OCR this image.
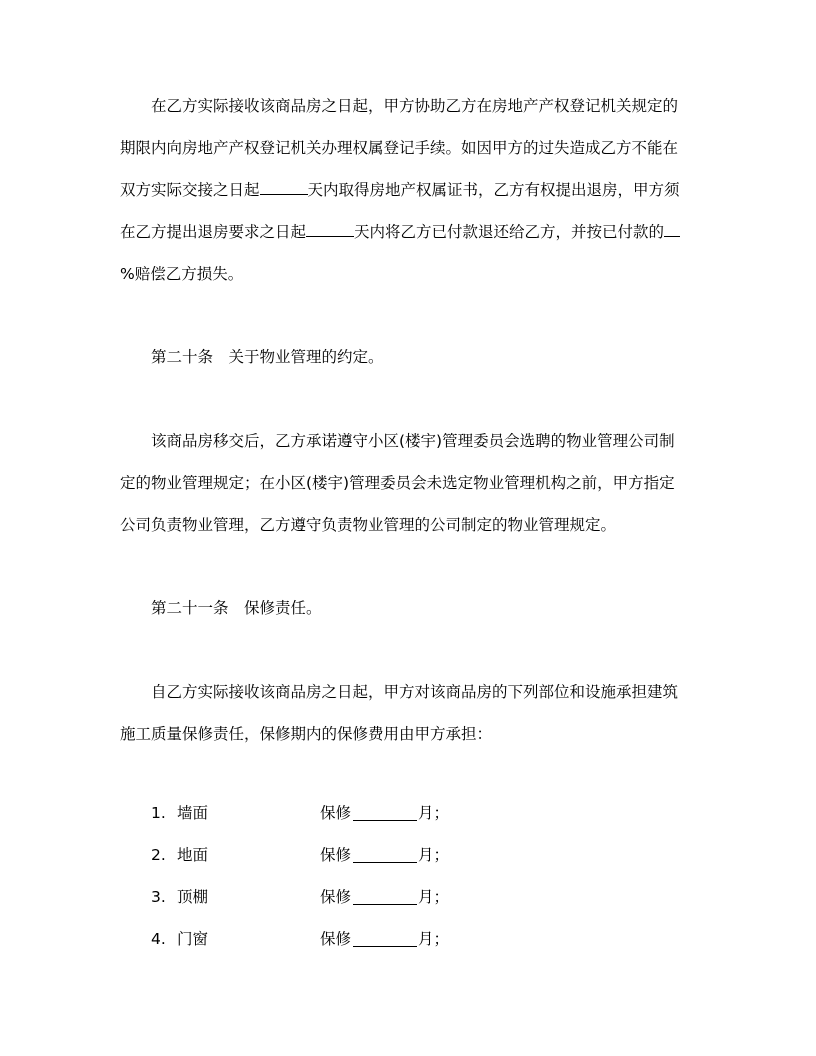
在乙方实际接收该商品房之日起，甲方协助乙方在房地产产权登记机关规定的
期限内向房地产产权登记机关办理权属登记手续。如因甲方的过失造成乙方不能在
双方实际交接之日起	天内取得房地产权属证书，乙方有权提出退房，甲方须
在乙方提出退房要求之日起	天内将乙方已付款退还给乙方，并按已付款的
%赔偿乙方损失。
第二十条　关于物业管理的约定。
该商品房移交后，乙方承诺遵守小区(楼宇)管理委员会选聘的物业管理公司制
定的物业管理规定；在小区(楼宇)管理委员会未选定物业管理机构之前，甲方指定
公司负责物业管理，乙方遵守负责物业管理的公司制定的物业管理规定。
第二十一条　保修责任。
自乙方实际接收该商品房之日起，甲方对该商品房的下列部位和设施承担建筑
施工质量保修责任，保修期内的保修费用由甲方承担：
1. 墙面	保修	月；
2. 地面	保修	月；
3. 顶棚	保修	月；
4. 门窗	保修	月；
